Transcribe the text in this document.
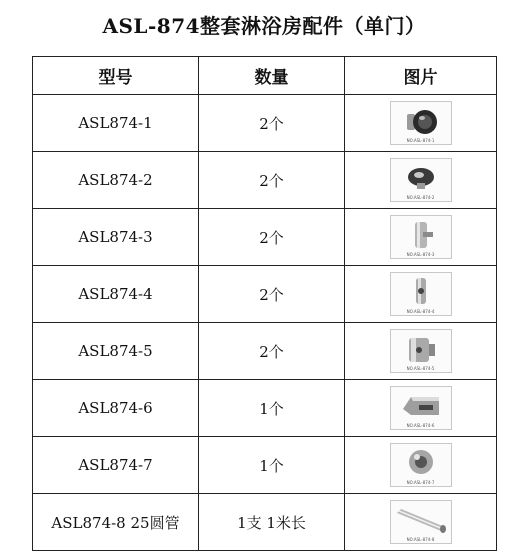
ASL-874整套淋浴房配件（单门）
型号	数量	图片
ASL874-1	2个	NO.ASL-874-1

ASL874-2	2个	NO.ASL-874-2

ASL874-3	2个	NO.ASL-874-3

ASL874-4	2个	NO.ASL-874-4

ASL874-5	2个	NO.ASL-874-5

ASL874-6	1个	NO.ASL-874-6

ASL874-7	1个	NO.ASL-874-7

ASL874-8 25圆管	1支 1米长	NO.ASL-874-8
